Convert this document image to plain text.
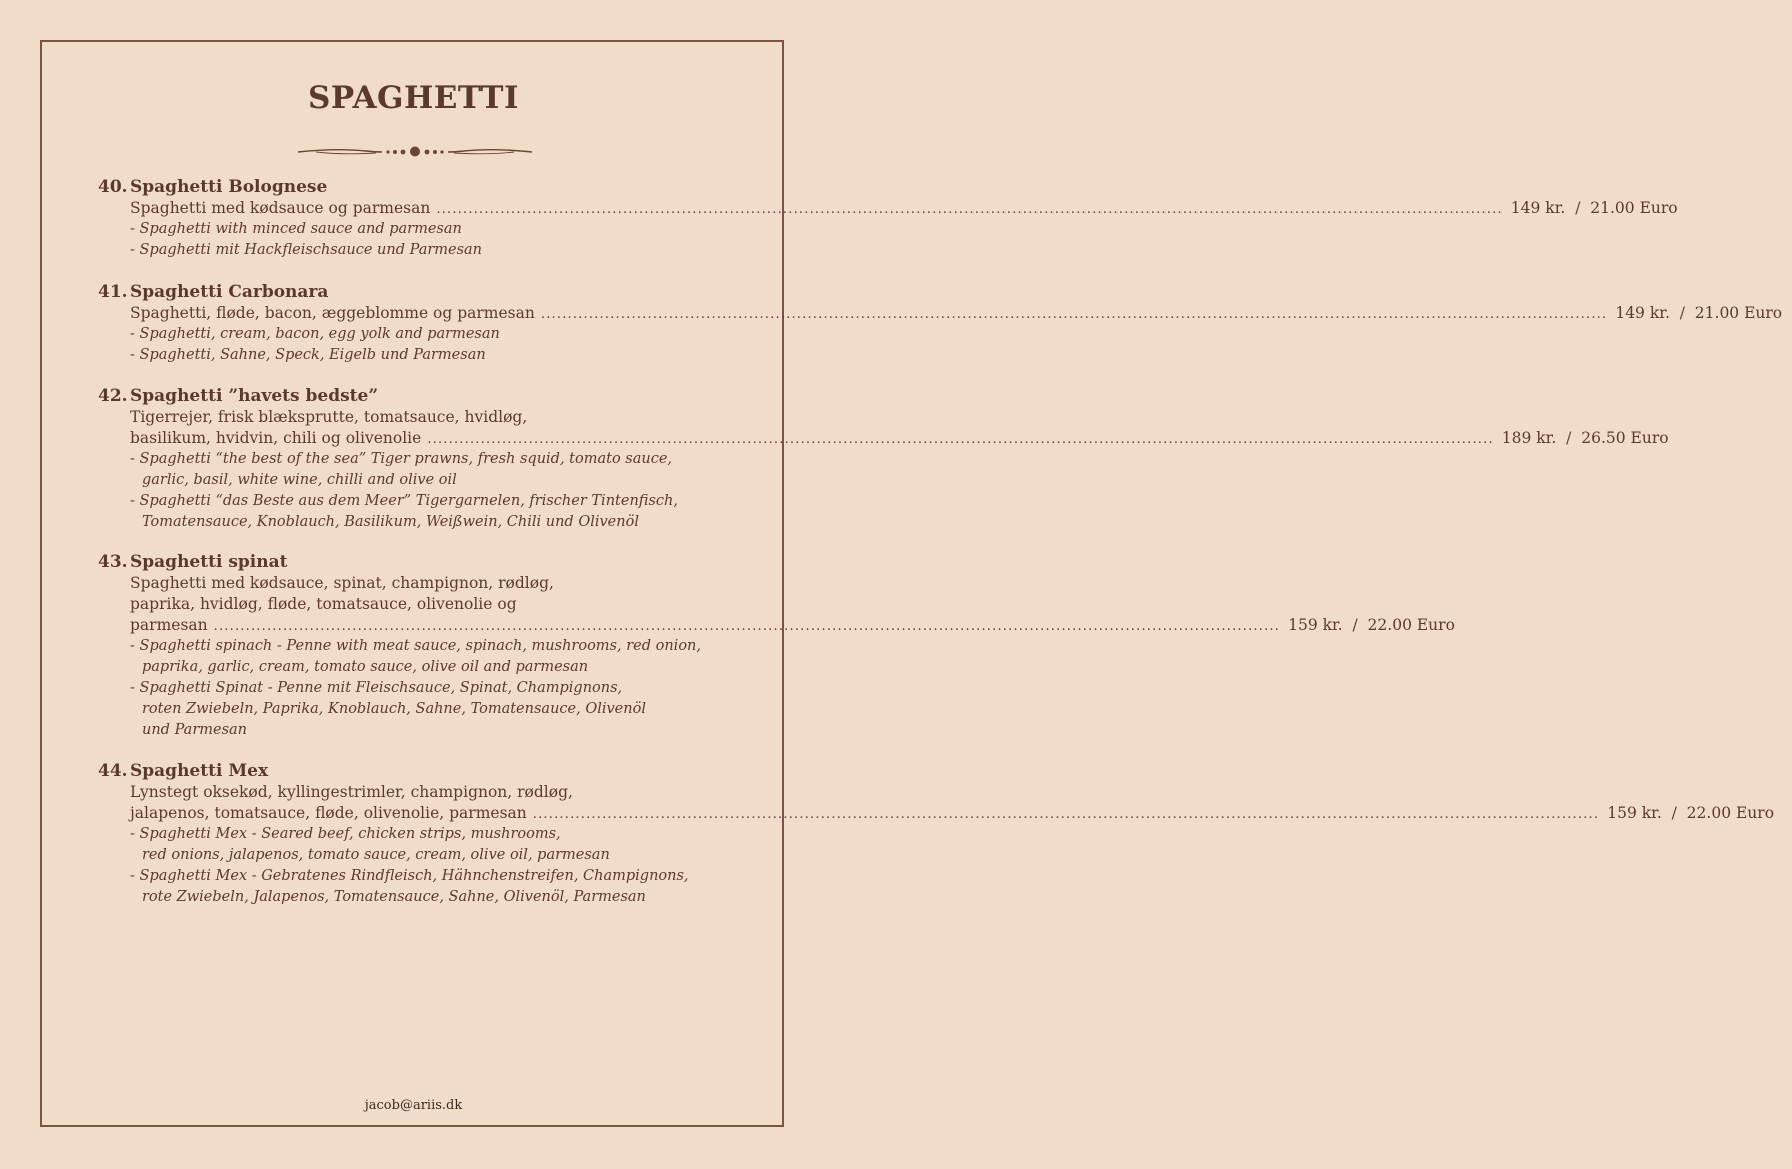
SPAGHETTI
40. Spaghetti Bolognese
Spaghetti med kødsauce og parmesan ........................................................................................................................................................................................................ 149 kr.  /  21.00 Euro
- Spaghetti with minced sauce and parmesan
- Spaghetti mit Hackfleischsauce und Parmesan
41. Spaghetti Carbonara
Spaghetti, fløde, bacon, æggeblomme og parmesan ........................................................................................................................................................................................................ 149 kr.  /  21.00 Euro
- Spaghetti, cream, bacon, egg yolk and parmesan
- Spaghetti, Sahne, Speck, Eigelb und Parmesan
42. Spaghetti ”havets bedste”
Tigerrejer, frisk blæksprutte, tomatsauce, hvidløg,
basilikum, hvidvin, chili og olivenolie ........................................................................................................................................................................................................ 189 kr.  /  26.50 Euro
- Spaghetti “the best of the sea” Tiger prawns, fresh squid, tomato sauce,
garlic, basil, white wine, chilli and olive oil
- Spaghetti “das Beste aus dem Meer” Tigergarnelen, frischer Tintenfisch,
Tomatensauce, Knoblauch, Basilikum, Weißwein, Chili und Olivenöl
43. Spaghetti spinat
Spaghetti med kødsauce, spinat, champignon, rødløg,
paprika, hvidløg, fløde, tomatsauce, olivenolie og
parmesan ........................................................................................................................................................................................................ 159 kr.  /  22.00 Euro
- Spaghetti spinach - Penne with meat sauce, spinach, mushrooms, red onion,
paprika, garlic, cream, tomato sauce, olive oil and parmesan
- Spaghetti Spinat - Penne mit Fleischsauce, Spinat, Champignons,
roten Zwiebeln, Paprika, Knoblauch, Sahne, Tomatensauce, Olivenöl
und Parmesan
44. Spaghetti Mex
Lynstegt oksekød, kyllingestrimler, champignon, rødløg,
jalapenos, tomatsauce, fløde, olivenolie, parmesan ........................................................................................................................................................................................................ 159 kr.  /  22.00 Euro
- Spaghetti Mex - Seared beef, chicken strips, mushrooms,
red onions, jalapenos, tomato sauce, cream, olive oil, parmesan
- Spaghetti Mex - Gebratenes Rindfleisch, Hähnchenstreifen, Champignons,
rote Zwiebeln, Jalapenos, Tomatensauce, Sahne, Olivenöl, Parmesan
jacob@ariis.dk
